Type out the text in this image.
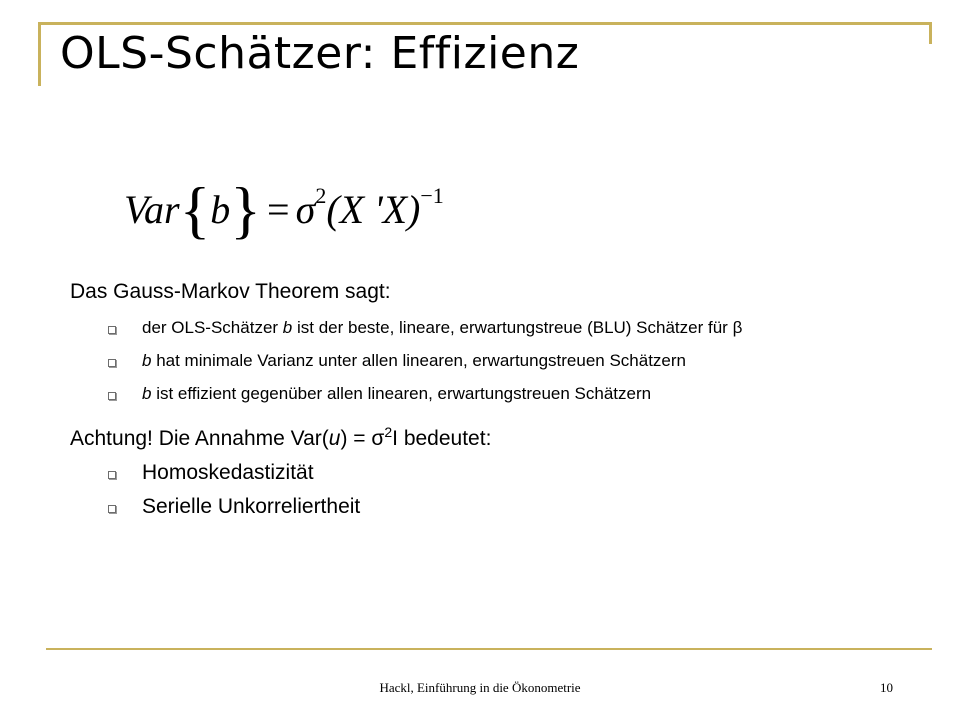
OLS-Schätzer: Effizienz
$Var\{b\} = \sigma^2(X$ 'X)$^{-1}$

Das Gauss-Markov Theorem sagt:

der OLS-Schätzer b ist der beste, lineare, erwartungstreue (BLU) Schätzer für β
b hat minimale Varianz unter allen linearen, erwartungstreuen Schätzern
b ist effizient gegenüber allen linearen, erwartungstreuen Schätzern

Achtung! Die Annahme $Var(u) = \sigma^2I$ bedeutet:

Homoskedastizität
Serielle Unkorreliertheit
Hackl, Einführung in die Ökonometrie	10
